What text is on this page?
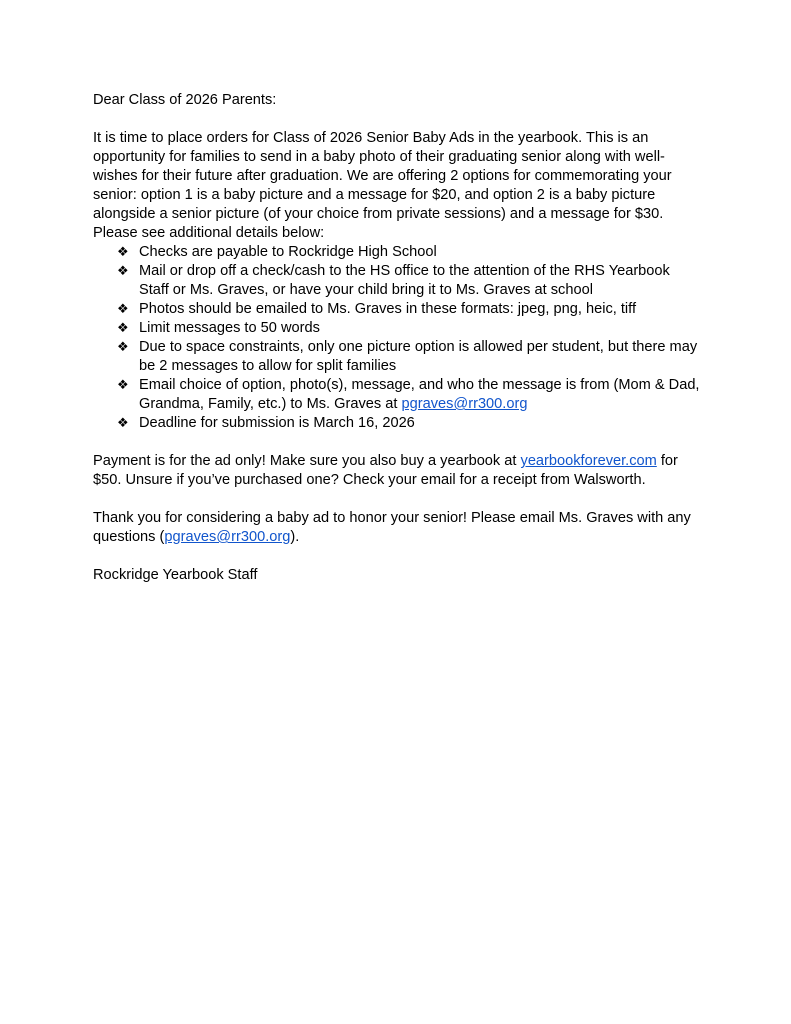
Dear Class of 2026 Parents:

It is time to place orders for Class of 2026 Senior Baby Ads in the yearbook. This is an opportunity for families to send in a baby photo of their graduating senior along with well-wishes for their future after graduation. We are offering 2 options for commemorating your senior: option 1 is a baby picture and a message for $20, and option 2 is a baby picture alongside a senior picture (of your choice from private sessions) and a message for $30. Please see additional details below:

❖ Checks are payable to Rockridge High School
❖ Mail or drop off a check/cash to the HS office to the attention of the RHS Yearbook Staff or Ms. Graves, or have your child bring it to Ms. Graves at school
❖ Photos should be emailed to Ms. Graves in these formats: jpeg, png, heic, tiff
❖ Limit messages to 50 words
❖ Due to space constraints, only one picture option is allowed per student, but there may be 2 messages to allow for split families
❖ Email choice of option, photo(s), message, and who the message is from (Mom & Dad, Grandma, Family, etc.) to Ms. Graves at pgraves@rr300.org
❖ Deadline for submission is March 16, 2026

Payment is for the ad only! Make sure you also buy a yearbook at yearbookforever.com for $50. Unsure if you’ve purchased one? Check your email for a receipt from Walsworth.

Thank you for considering a baby ad to honor your senior! Please email Ms. Graves with any questions (pgraves@rr300.org).

Rockridge Yearbook Staff
